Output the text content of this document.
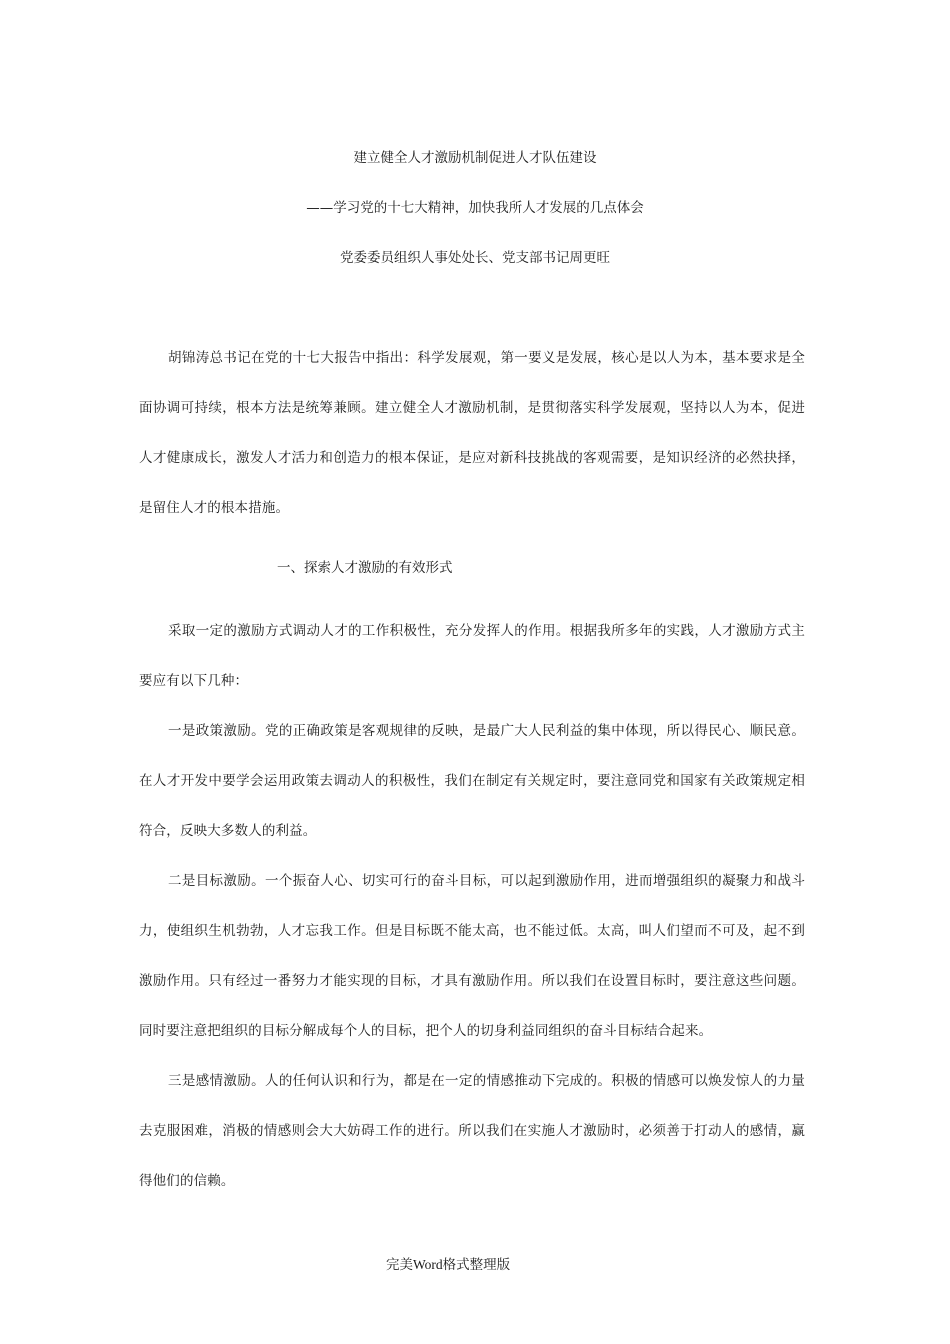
建立健全人才激励机制促进人才队伍建设
——学习党的十七大精神，加快我所人才发展的几点体会
党委委员组织人事处处长、党支部书记周更旺

胡锦涛总书记在党的十七大报告中指出：科学发展观，第一要义是发展，核心是以人为本，基本要求是全面协调可持续，根本方法是统筹兼顾。建立健全人才激励机制，是贯彻落实科学发展观，坚持以人为本，促进人才健康成长，激发人才活力和创造力的根本保证，是应对新科技挑战的客观需要，是知识经济的必然抉择，是留住人才的根本措施。

一、探索人才激励的有效形式

采取一定的激励方式调动人才的工作积极性，充分发挥人的作用。根据我所多年的实践，人才激励方式主要应有以下几种：

一是政策激励。党的正确政策是客观规律的反映，是最广大人民利益的集中体现，所以得民心、顺民意。在人才开发中要学会运用政策去调动人的积极性，我们在制定有关规定时，要注意同党和国家有关政策规定相符合，反映大多数人的利益。

二是目标激励。一个振奋人心、切实可行的奋斗目标，可以起到激励作用，进而增强组织的凝聚力和战斗力，使组织生机勃勃，人才忘我工作。但是目标既不能太高，也不能过低。太高，叫人们望而不可及，起不到激励作用。只有经过一番努力才能实现的目标，才具有激励作用。所以我们在设置目标时，要注意这些问题。同时要注意把组织的目标分解成每个人的目标，把个人的切身利益同组织的奋斗目标结合起来。

三是感情激励。人的任何认识和行为，都是在一定的情感推动下完成的。积极的情感可以焕发惊人的力量去克服困难，消极的情感则会大大妨碍工作的进行。所以我们在实施人才激励时，必须善于打动人的感情，赢得他们的信赖。

完美Word格式整理版
